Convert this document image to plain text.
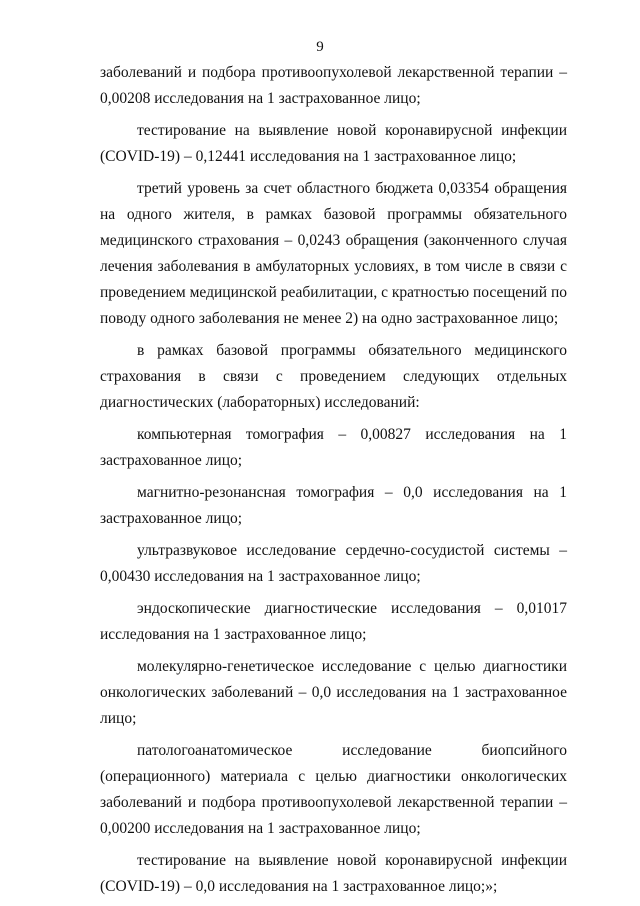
9

заболеваний и подбора противоопухолевой лекарственной терапии – 0,00208 исследования на 1 застрахованное лицо;

тестирование на выявление новой коронавирусной инфекции (COVID-19) – 0,12441 исследования на 1 застрахованное лицо;

третий уровень за счет областного бюджета 0,03354 обращения на одного жителя, в рамках базовой программы обязательного медицинского страхования – 0,0243 обращения (законченного случая лечения заболевания в амбулаторных условиях, в том числе в связи с проведением медицинской реабилитации, с кратностью посещений по поводу одного заболевания не менее 2) на одно застрахованное лицо;

в рамках базовой программы обязательного медицинского страхования в связи с проведением следующих отдельных диагностических (лабораторных) исследований:

компьютерная томография – 0,00827 исследования на 1 застрахованное лицо;

магнитно-резонансная томография – 0,0 исследования на 1 застрахованное лицо;

ультразвуковое исследование сердечно-сосудистой системы – 0,00430 исследования на 1 застрахованное лицо;

эндоскопические диагностические исследования – 0,01017 исследования на 1 застрахованное лицо;

молекулярно-генетическое исследование с целью диагностики онкологических заболеваний – 0,0 исследования на 1 застрахованное лицо;

патологоанатомическое исследование биопсийного (операционного) материала с целью диагностики онкологических заболеваний и подбора противоопухолевой лекарственной терапии – 0,00200 исследования на 1 застрахованное лицо;

тестирование на выявление новой коронавирусной инфекции (COVID-19) – 0,0 исследования на 1 застрахованное лицо;»;
